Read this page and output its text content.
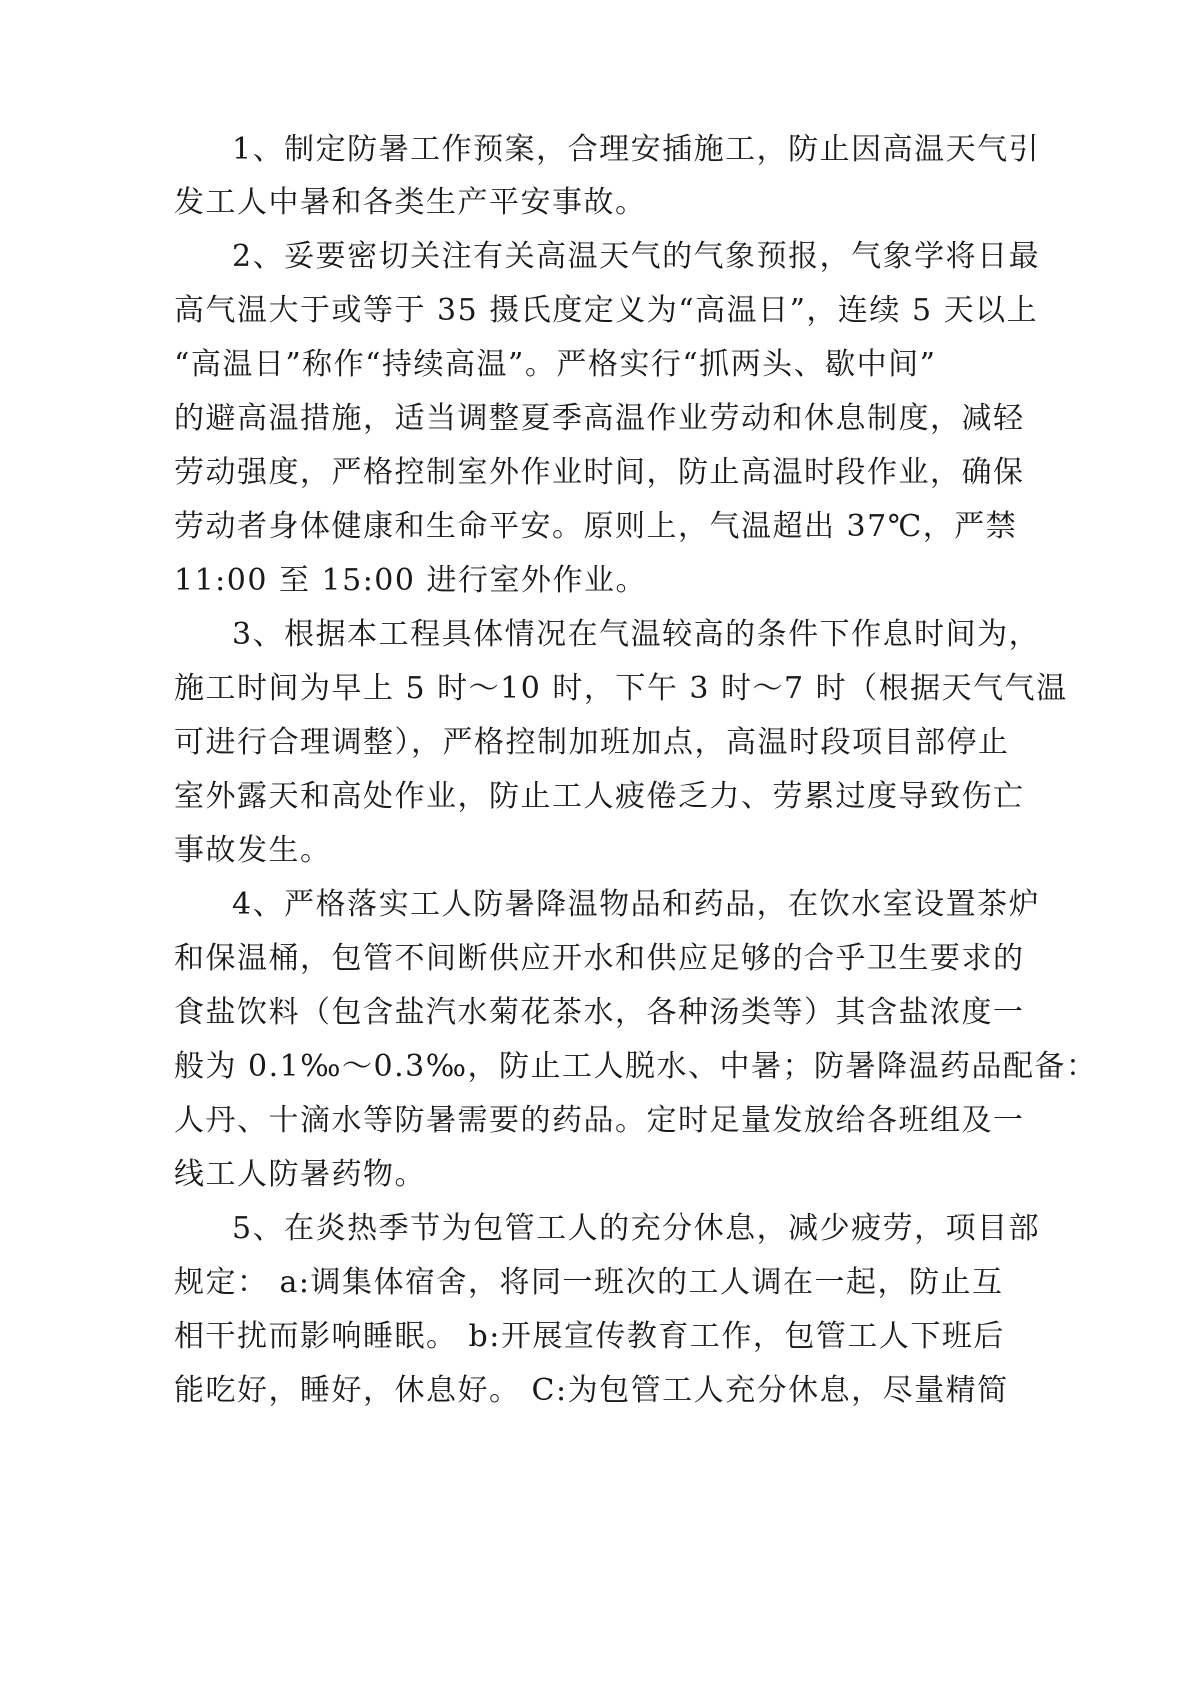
1、制定防暑工作预案，合理安插施工，防止因高温天气引
发工人中暑和各类生产平安事故。
2、妥要密切关注有关高温天气的气象预报，气象学将日最
高气温大于或等于 35 摄氏度定义为“高温日”，连续 5 天以上
“高温日”称作“持续高温”。严格实行“抓两头、歇中间”
的避高温措施，适当调整夏季高温作业劳动和休息制度，减轻
劳动强度，严格控制室外作业时间，防止高温时段作业，确保
劳动者身体健康和生命平安。原则上，气温超出 37℃，严禁
11:00 至 15:00 进行室外作业。
3、根据本工程具体情况在气温较高的条件下作息时间为，
施工时间为早上 5 时～10 时，下午 3 时～7 时（根据天气气温
可进行合理调整），严格控制加班加点，高温时段项目部停止
室外露天和高处作业，防止工人疲倦乏力、劳累过度导致伤亡
事故发生。
4、严格落实工人防暑降温物品和药品，在饮水室设置茶炉
和保温桶，包管不间断供应开水和供应足够的合乎卫生要求的
食盐饮料（包含盐汽水菊花茶水，各种汤类等）其含盐浓度一
般为 0.1‰～0.3‰，防止工人脱水、中暑；防暑降温药品配备：
人丹、十滴水等防暑需要的药品。定时足量发放给各班组及一
线工人防暑药物。
5、在炎热季节为包管工人的充分休息，减少疲劳，项目部
规定： a:调集体宿舍，将同一班次的工人调在一起，防止互
相干扰而影响睡眠。 b:开展宣传教育工作，包管工人下班后
能吃好，睡好，休息好。 C:为包管工人充分休息，尽量精简
